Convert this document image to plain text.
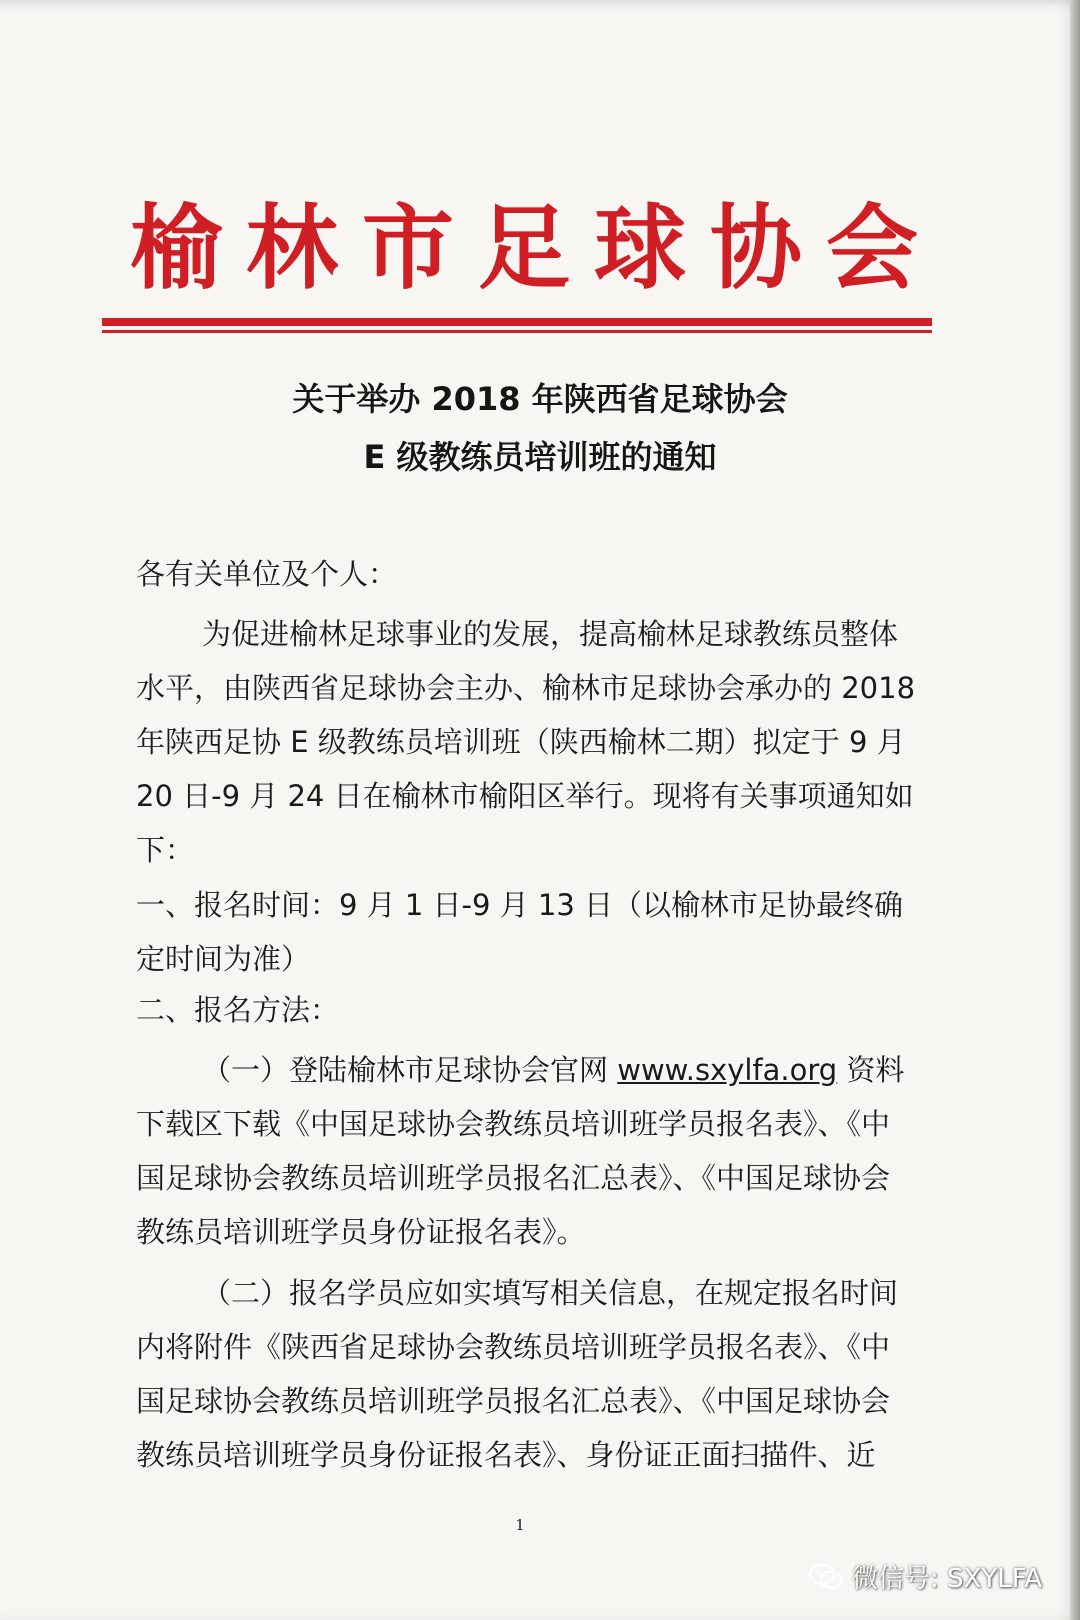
榆林市足球协会
关于举办 2018 年陕西省足球协会
E 级教练员培训班的通知
各有关单位及个人：
为促进榆林足球事业的发展，提高榆林足球教练员整体水平，由陕西省足球协会主办、榆林市足球协会承办的 2018 年陕西足协 E 级教练员培训班（陕西榆林二期）拟定于 9 月 20 日-9 月 24 日在榆林市榆阳区举行。现将有关事项通知如下：
一、报名时间：9 月 1 日-9 月 13 日（以榆林市足协最终确定时间为准）
二、报名方法：
（一）登陆榆林市足球协会官网 www.sxylfa.org 资料下载区下载《中国足球协会教练员培训班学员报名表》、《中国足球协会教练员培训班学员报名汇总表》、《中国足球协会教练员培训班学员身份证报名表》。
（二）报名学员应如实填写相关信息，在规定报名时间内将附件《陕西省足球协会教练员培训班学员报名表》、《中国足球协会教练员培训班学员报名汇总表》、《中国足球协会教练员培训班学员身份证报名表》、身份证正面扫描件、近
1
微信号: SXYLFA
